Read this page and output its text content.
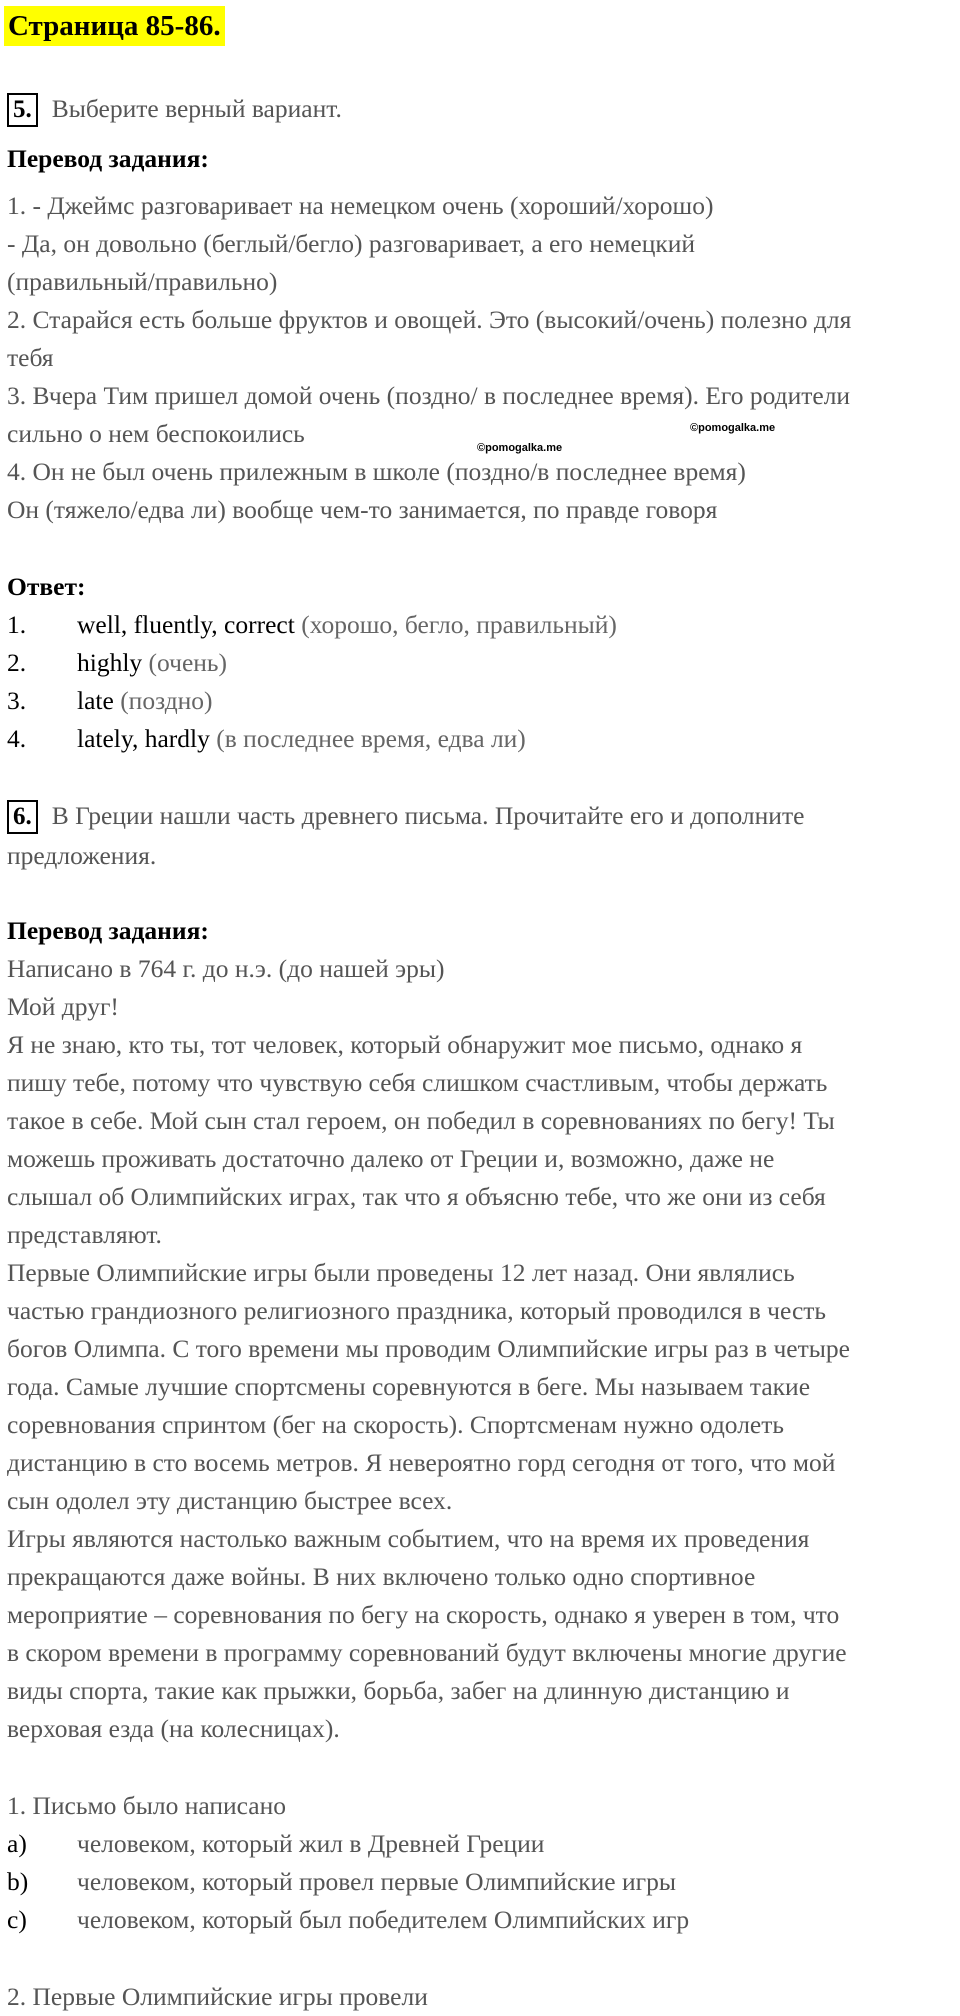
Страница 85-86.
5. Выберите верный вариант.
Перевод задания:
1. - Джеймс разговаривает на немецком очень (хороший/хорошо)
- Да, он довольно (беглый/бегло) разговаривает, а его немецкий
(правильный/правильно)
2. Старайся есть больше фруктов и овощей. Это (высокий/очень) полезно для
тебя
3. Вчера Тим пришел домой очень (поздно/ в последнее время). Его родители
сильно о нем беспокоились
4. Он не был очень прилежным в школе (поздно/в последнее время)
Он (тяжело/едва ли) вообще чем-то занимается, по правде говоря
©pomogalka.me
©pomogalka.me
Ответ:
1. well, fluently, correct (хорошо, бегло, правильный)
2. highly (очень)
3. late (поздно)
4. lately, hardly (в последнее время, едва ли)
6. В Греции нашли часть древнего письма. Прочитайте его и дополните
предложения.
Перевод задания:
Написано в 764 г. до н.э. (до нашей эры)
Мой друг!
Я не знаю, кто ты, тот человек, который обнаружит мое письмо, однако я
пишу тебе, потому что чувствую себя слишком счастливым, чтобы держать
такое в себе. Мой сын стал героем, он победил в соревнованиях по бегу! Ты
можешь проживать достаточно далеко от Греции и, возможно, даже не
слышал об Олимпийских играх, так что я объясню тебе, что же они из себя
представляют.
Первые Олимпийские игры были проведены 12 лет назад. Они являлись
частью грандиозного религиозного праздника, который проводился в честь
богов Олимпа. С того времени мы проводим Олимпийские игры раз в четыре
года. Самые лучшие спортсмены соревнуются в беге. Мы называем такие
соревнования спринтом (бег на скорость). Спортсменам нужно одолеть
дистанцию в сто восемь метров. Я невероятно горд сегодня от того, что мой
сын одолел эту дистанцию быстрее всех.
Игры являются настолько важным событием, что на время их проведения
прекращаются даже войны. В них включено только одно спортивное
мероприятие – соревнования по бегу на скорость, однако я уверен в том, что
в скором времени в программу соревнований будут включены многие другие
виды спорта, такие как прыжки, борьба, забег на длинную дистанцию и
верховая езда (на колесницах).
1. Письмо было написано
a) человеком, который жил в Древней Греции
b) человеком, который провел первые Олимпийские игры
c) человеком, который был победителем Олимпийских игр
2. Первые Олимпийские игры провели
